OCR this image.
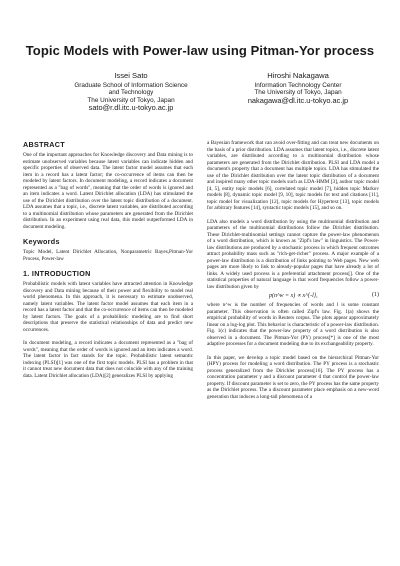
Topic Models with Power-law using Pitman-Yor process
Issei Sato
Graduate School of Information Science
and Technology
The University of Tokyo, Japan
sato@r.dl.itc.u-tokyo.ac.jp
Hiroshi Nakagawa
Information Technology Center
The University of Tokyo, Japan
nakagawa@dl.itc.u-tokyo.ac.jp
ABSTRACT

One of the important approaches for Knowledge discovery and Data mining is to estimate unobserved variables because latent variables can indicate hidden and specific properties of observed data. The latent factor model assumes that each item in a record has a latent factor; the co-occurrence of items can then be modeled by latent factors. In document modeling, a record indicates a document represented as a "bag of words", meaning that the order of words is ignored and an item indicates a word. Latent Dirichlet allocation (LDA) has stimulated the use of the Dirichlet distribution over the latent topic distribution of a document. LDA assumes that a topic, i.e., discrete latent variables, are distributed according to a multinomial distribution whose parameters are generated from the Dirichlet distribution. In an experiment using real data, this model outperformed LDA in document modeling.

Keywords

Topic Model, Latent Dirichlet Allocation, Nonparametric Bayes,Pitman-Yor Process, Power-law

1. INTRODUCTION

Probabilistic models with latent variables have attracted attention in Knowledge discovery and Data mining because of their power and flexibility to model real world phenomena. In this approach, it is necessary to estimate unobserved, namely latent variables. The latent factor model assumes that each item in a record has a latent factor and that the co-occurrence of items can then be modeled by latent factors. The goals of a probabilistic modeling are to find short descriptions that preserve the statistical relationships of data and predict new occurrences.

In document modeling, a record indicates a document represented as a "bag of words", meaning that the order of words is ignored and an item indicates a word. The latent factor in fact stands for the topic. Probabilistic latent semantic indexing (PLSI)[1] was one of the first topic models. PLSI has a problem in that it cannot treat new document data that does not coincide with any of the training data. Latent Dirichlet allocation (LDA)[2] generalizes PLSI by applying

a Bayesian framework that can avoid over-fitting and can treat new documents on the basis of a prior distribution. LDA assumes that latent topics, i.e., discrete latent variables, are distributed according to a multinomial distribution whose parameters are generated from the Dirichlet distribution. PLSI and LDA model a document's property that a document has multiple topics. LDA has stimulated the use of the Dirichlet distribution over the latent topic distribution of a document and inspired many other topic models such as LDA-HMM [3], author topic model [4, 5], entity topic models [6], correlated topic model [7], hidden topic Markov models [8], dynamic topic model [9, 10], topic models for text and citations [11], topic model for visualization [12], topic models for Hypertext [13], topic models for arbitrary features [14], syntactic topic models [15], and so on.

LDA also models a word distribution by using the multinomial distribution and parameters of the multinomial distributions follow the Dirichlet distribution. These Dirichlet-multinomial settings cannot capture the power-law phenomenon of a word distribution, which is known as "Zipf's law" in linguistics. The Power-law distributions are produced by a stochastic process in which frequent outcomes attract probability mass such as "rich-get-richer" process. A major example of a power-law distribution is a distribution of links pointing to Web pages. New web pages are more likely to link to already-popular pages that have already a lot of links. A widely used process is a preferential attachment process[]. One of the statistical properties of natural language is that word frequencies follow a power-law distribution given by

p(n^w = x) ∝ x^{-l},	(1)

where n^w is the number of frequencies of words and l is some constant parameter. This observation is often called Zipf's law. Fig. 1(a) shows the empirical probability of words in Reuters corpus. The plots appear approximately linear on a log-log plot. This behavior is characteristic of a power-law distribution. Fig. 1(c) indicates that the power-law property of a word distribution is also observed in a document. The Pitman-Yor (PY) process[*] is one of the most adaptive processes for a document modeling due to its exchangeability property.

In this paper, we develop a topic model based on the hierarchical Pitman-Yor (HPY) process for modeling a word distribution. The PY process is a stochastic process generalized from the Dirichlet process[16]. The PY process has a concentration parameter γ and a discount parameter d that control the power-law property. If discount parameter is set to zero, the PY process has the same property as the Dirichlet process. The a discount parameter place emphasis on a new-word generation that induces a long-tail phenomena of a
